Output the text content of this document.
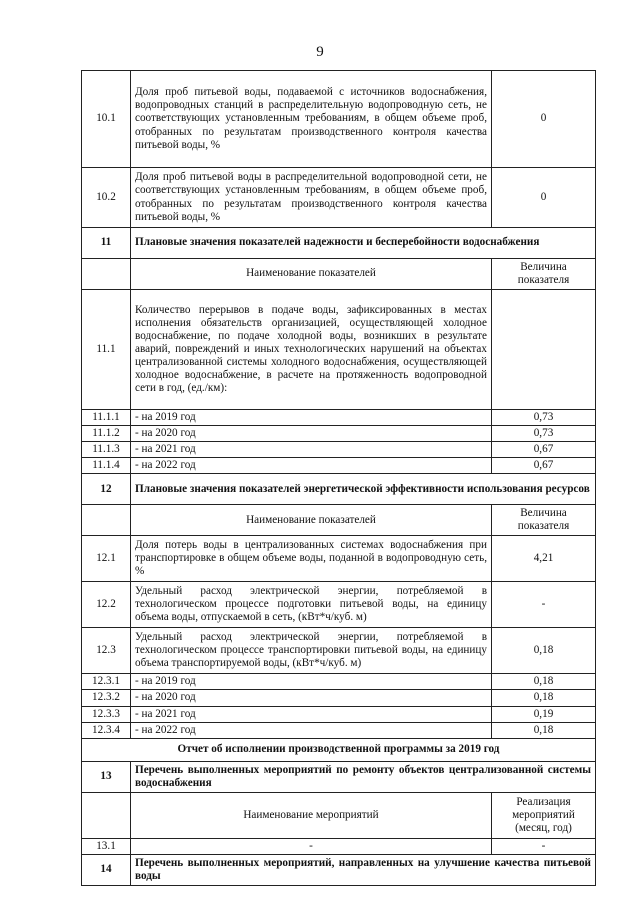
9
10.1	Доля проб питьевой воды, подаваемой с источников водоснабжения, водопроводных станций в распределительную водопроводную сеть, не соответствующих установленным требованиям, в общем объеме проб, отобранных по результатам производственного контроля качества питьевой воды, %	0
10.2	Доля проб питьевой воды в распределительной водопроводной сети, не соответствующих установленным требованиям, в общем объеме проб, отобранных по результатам производственного контроля качества питьевой воды, %	0
11	Плановые значения показателей надежности и бесперебойности водоснабжения	
	Наименование показателей	Величина показателя
11.1	Количество перерывов в подаче воды, зафиксированных в местах исполнения обязательств организацией, осуществляющей холодное водоснабжение, по подаче холодной воды, возникших в результате аварий, повреждений и иных технологических нарушений на объектах централизованной системы холодного водоснабжения, осуществляющей холодное водоснабжение, в расчете на протяженность водопроводной сети в год, (ед./км):	
11.1.1	- на 2019 год	0,73
11.1.2	- на 2020 год	0,73
11.1.3	- на 2021 год	0,67
11.1.4	- на 2022 год	0,67
12	Плановые значения показателей энергетической эффективности использования ресурсов	
	Наименование показателей	Величина показателя
12.1	Доля потерь воды в централизованных системах водоснабжения при транспортировке в общем объеме воды, поданной в водопроводную сеть, %	4,21
12.2	Удельный расход электрической энергии, потребляемой в технологическом процессе подготовки питьевой воды, на единицу объема воды, отпускаемой в сеть, (кВт*ч/куб. м)	-
12.3	Удельный расход электрической энергии, потребляемой в технологическом процессе транспортировки питьевой воды, на единицу объема транспортируемой воды, (кВт*ч/куб. м)	0,18
12.3.1	- на 2019 год	0,18
12.3.2	- на 2020 год	0,18
12.3.3	- на 2021 год	0,19
12.3.4	- на 2022 год	0,18
Отчет об исполнении производственной программы за 2019 год		
13	Перечень выполненных мероприятий по ремонту объектов централизованной системы водоснабжения	
	Наименование мероприятий	Реализация мероприятий (месяц, год)
13.1	-	-
14	Перечень выполненных мероприятий, направленных на улучшение качества питьевой воды	
